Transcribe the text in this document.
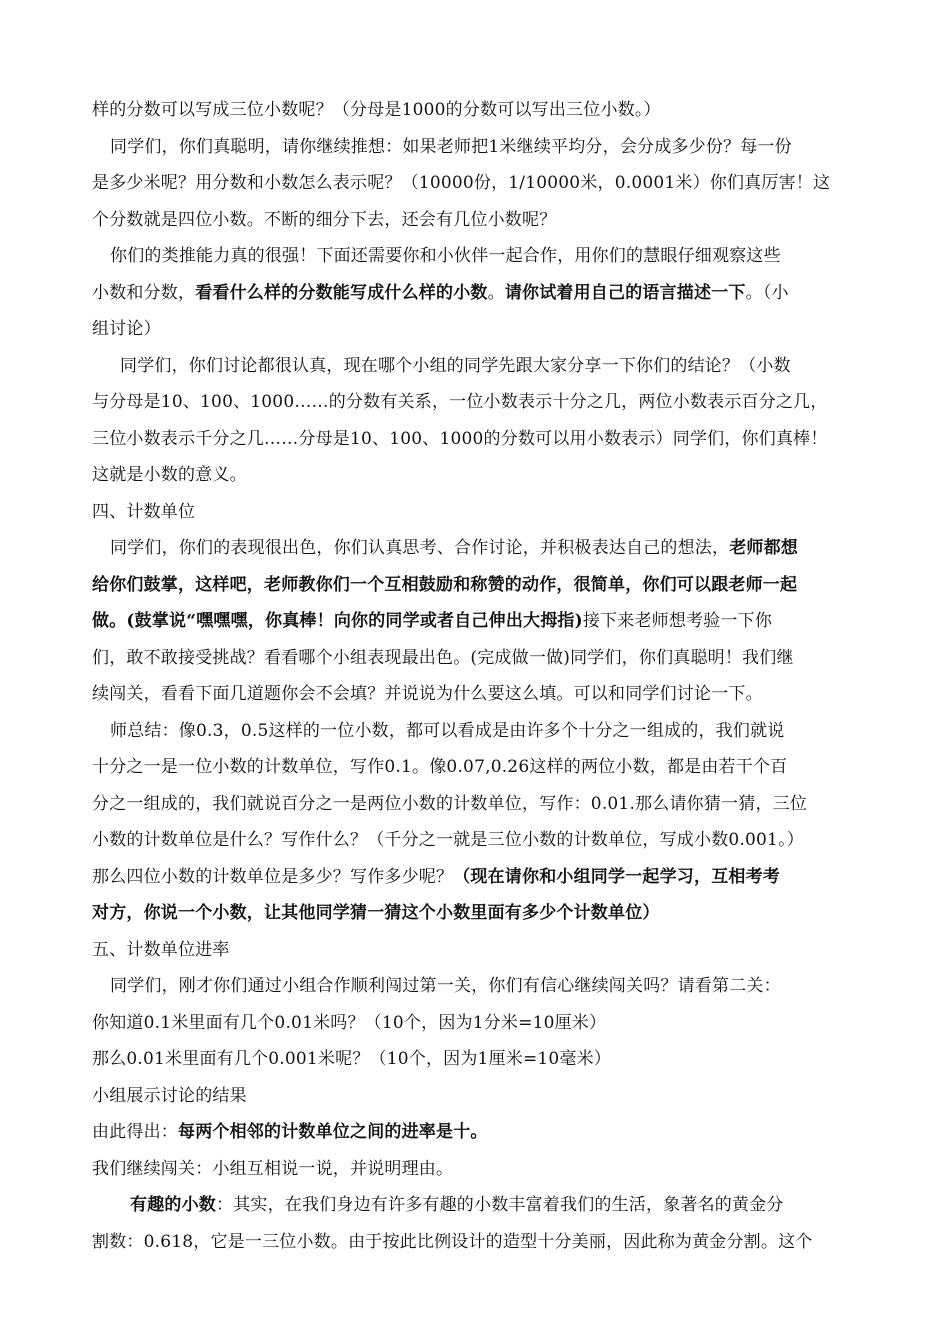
样的分数可以写成三位小数呢？（分母是1000的分数可以写出三位小数。）
同学们，你们真聪明，请你继续推想：如果老师把1米继续平均分，会分成多少份？每一份
是多少米呢？用分数和小数怎么表示呢？（10000份，1/10000米，0.0001米）你们真厉害！这
个分数就是四位小数。不断的细分下去，还会有几位小数呢？
你们的类推能力真的很强！下面还需要你和小伙伴一起合作，用你们的慧眼仔细观察这些
小数和分数，看看什么样的分数能写成什么样的小数。请你试着用自己的语言描述一下。（小
组讨论）
同学们，你们讨论都很认真，现在哪个小组的同学先跟大家分享一下你们的结论？（小数
与分母是10、100、1000……的分数有关系，一位小数表示十分之几，两位小数表示百分之几，
三位小数表示千分之几……分母是10、100、1000的分数可以用小数表示）同学们，你们真棒！
这就是小数的意义。
四、计数单位
同学们，你们的表现很出色，你们认真思考、合作讨论，并积极表达自己的想法，老师都想
给你们鼓掌，这样吧，老师教你们一个互相鼓励和称赞的动作，很简单，你们可以跟老师一起
做。(鼓掌说“嘿嘿嘿，你真棒！向你的同学或者自己伸出大拇指)接下来老师想考验一下你
们，敢不敢接受挑战？看看哪个小组表现最出色。(完成做一做)同学们，你们真聪明！我们继
续闯关，看看下面几道题你会不会填？并说说为什么要这么填。可以和同学们讨论一下。
师总结：像0.3，0.5这样的一位小数，都可以看成是由许多个十分之一组成的，我们就说
十分之一是一位小数的计数单位，写作0.1。像0.07,0.26这样的两位小数，都是由若干个百
分之一组成的，我们就说百分之一是两位小数的计数单位，写作：0.01.那么请你猜一猜，三位
小数的计数单位是什么？写作什么？（千分之一就是三位小数的计数单位，写成小数0.001。）
那么四位小数的计数单位是多少？写作多少呢？（现在请你和小组同学一起学习，互相考考
对方，你说一个小数，让其他同学猜一猜这个小数里面有多少个计数单位）
五、计数单位进率
同学们，刚才你们通过小组合作顺利闯过第一关，你们有信心继续闯关吗？请看第二关：
你知道0.1米里面有几个0.01米吗？（10个，因为1分米=10厘米）
那么0.01米里面有几个0.001米呢？（10个，因为1厘米=10毫米）
小组展示讨论的结果
由此得出：每两个相邻的计数单位之间的进率是十。
我们继续闯关：小组互相说一说，并说明理由。
有趣的小数：其实，在我们身边有许多有趣的小数丰富着我们的生活，象著名的黄金分
割数：0.618，它是一三位小数。由于按此比例设计的造型十分美丽，因此称为黄金分割。这个
